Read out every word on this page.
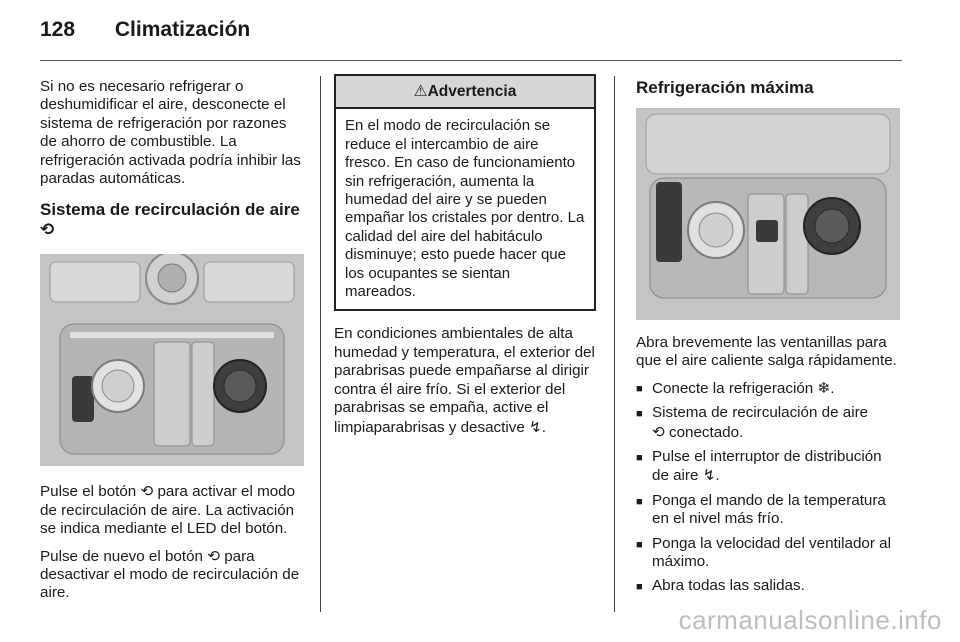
128 Climatización

Si no es necesario refrigerar o deshumidificar el aire, desconecte el sistema de refrigeración por razones de ahorro de combustible. La refrigeración activada podría inhibir las paradas automáticas.

Sistema de recirculación de aire ⟲

Pulse el botón ⟲ para activar el modo de recirculación de aire. La activación se indica mediante el LED del botón.

Pulse de nuevo el botón ⟲ para desactivar el modo de recirculación de aire.

⚠Advertencia
En el modo de recirculación se reduce el intercambio de aire fresco. En caso de funcionamiento sin refrigeración, aumenta la humedad del aire y se pueden empañar los cristales por dentro. La calidad del aire del habitáculo disminuye; esto puede hacer que los ocupantes se sientan mareados.

En condiciones ambientales de alta humedad y temperatura, el exterior del parabrisas puede empañarse al dirigir contra él aire frío. Si el exterior del parabrisas se empaña, active el limpiaparabrisas y desactive ↯.

Refrigeración máxima

Abra brevemente las ventanillas para que el aire caliente salga rápidamente.

■ Conecte la refrigeración ❄.
■ Sistema de recirculación de aire
⟲ conectado.
■ Pulse el interruptor de distribución de aire ↯.
■ Ponga el mando de la temperatura en el nivel más frío.
■ Ponga la velocidad del ventilador al máximo.
■ Abra todas las salidas.
carmanualsonline.info
